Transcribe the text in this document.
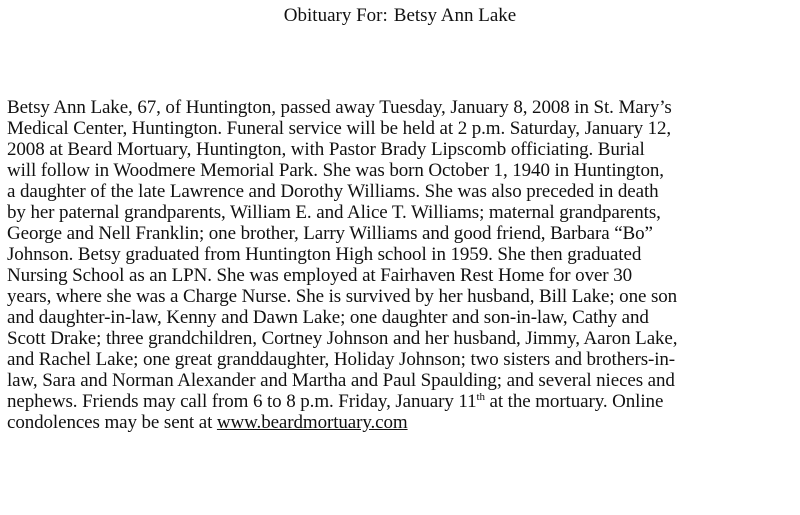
Obituary For: Betsy Ann Lake
Betsy Ann Lake, 67, of Huntington, passed away Tuesday, January 8, 2008 in St. Mary’s
Medical Center, Huntington. Funeral service will be held at 2 p.m. Saturday, January 12,
2008 at Beard Mortuary, Huntington, with Pastor Brady Lipscomb officiating. Burial
will follow in Woodmere Memorial Park. She was born October 1, 1940 in Huntington,
a daughter of the late Lawrence and Dorothy Williams. She was also preceded in death
by her paternal grandparents, William E. and Alice T. Williams; maternal grandparents,
George and Nell Franklin; one brother, Larry Williams and good friend, Barbara “Bo”
Johnson. Betsy graduated from Huntington High school in 1959. She then graduated
Nursing School as an LPN. She was employed at Fairhaven Rest Home for over 30
years, where she was a Charge Nurse. She is survived by her husband, Bill Lake; one son
and daughter-in-law, Kenny and Dawn Lake; one daughter and son-in-law, Cathy and
Scott Drake; three grandchildren, Cortney Johnson and her husband, Jimmy, Aaron Lake,
and Rachel Lake; one great granddaughter, Holiday Johnson; two sisters and brothers-in-
law, Sara and Norman Alexander and Martha and Paul Spaulding; and several nieces and
nephews. Friends may call from 6 to 8 p.m. Friday, January 11th at the mortuary. Online
condolences may be sent at www.beardmortuary.com
